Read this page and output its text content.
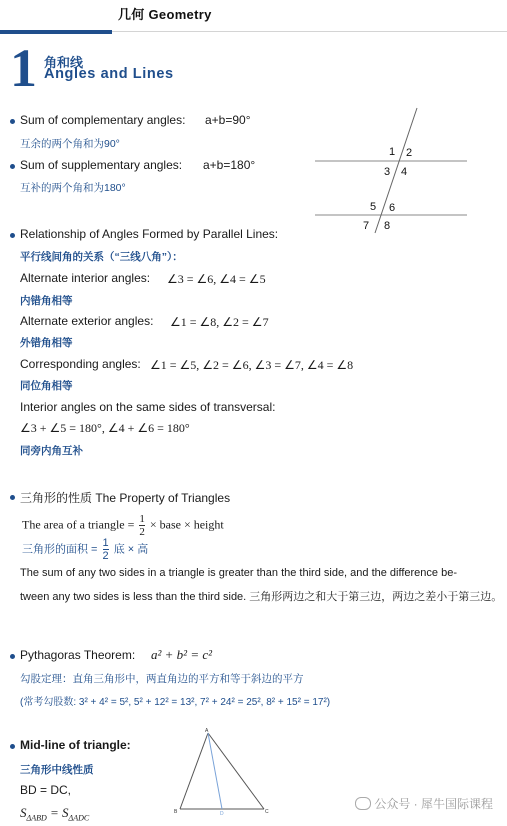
几何 Geometry
1 角和线
Angles and Lines
Sum of complementary angles: a+b=90°
互余的两个角和为90°
Sum of supplementary angles: a+b=180°
互补的两个角和为180°
1 2
3 4
5 6
7 8
Relationship of Angles Formed by Parallel Lines:
平行线间角的关系（“三线八角”）：
Alternate interior angles: ∠3 = ∠6, ∠4 = ∠5
内错角相等
Alternate exterior angles: ∠1 = ∠8, ∠2 = ∠7
外错角相等
Corresponding angles: ∠1 = ∠5, ∠2 = ∠6, ∠3 = ∠7, ∠4 = ∠8
同位角相等
Interior angles on the same sides of transversal:
∠3 + ∠5 = 180°, ∠4 + ∠6 = 180°
同旁内角互补
三角形的性质 The Property of Triangles
The area of a triangle = $\frac{1}{2}$ × base × height
三角形的面积 = $\frac{1}{2}$ 底 × 高
The sum of any two sides in a triangle is greater than the third side, and the difference be-
tween any two sides is less than the third side. 三角形两边之和大于第三边，两边之差小于第三边。
Pythagoras Theorem: a² + b² = c²
勾股定理：直角三角形中，两直角边的平方和等于斜边的平方
(常考勾股数: 3² + 4² = 5², 5² + 12² = 13², 7² + 24² = 25², 8² + 15² = 17²)
Mid-line of triangle:
三角形中线性质
BD = DC,
$S_{\Delta ABD} = S_{\Delta ADC}$
A
B	C
D
公众号 · 犀牛国际课程
